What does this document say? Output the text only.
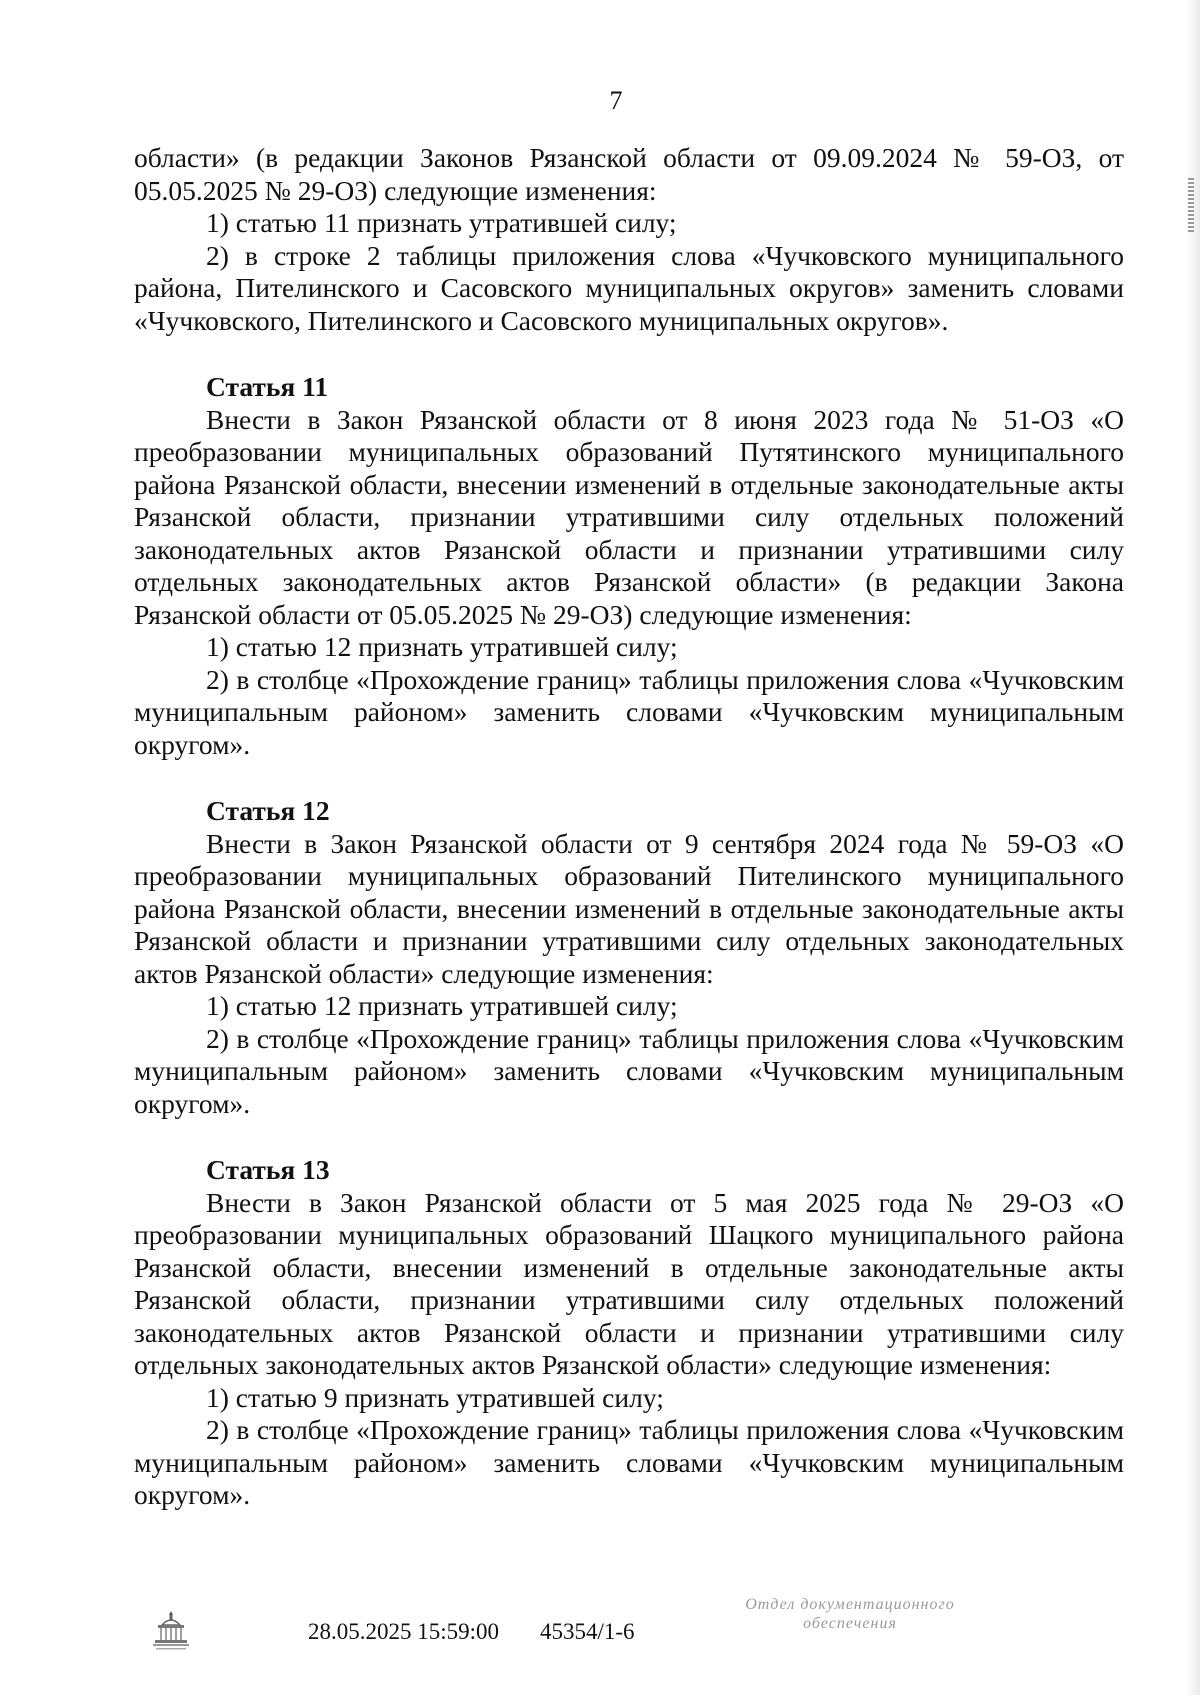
7

области» (в редакции Законов Рязанской области от 09.09.2024 № 59-ОЗ, от 05.05.2025 № 29-ОЗ) следующие изменения:

1) статью 11 признать утратившей силу;

2) в строке 2 таблицы приложения слова «Чучковского муниципального района, Пителинского и Сасовского муниципальных округов» заменить словами «Чучковского, Пителинского и Сасовского муниципальных округов».

Статья 11

Внести в Закон Рязанской области от 8 июня 2023 года № 51-ОЗ «О преобразовании муниципальных образований Путятинского муниципального района Рязанской области, внесении изменений в отдельные законодательные акты Рязанской области, признании утратившими силу отдельных положений законодательных актов Рязанской области и признании утратившими силу отдельных законодательных актов Рязанской области» (в редакции Закона Рязанской области от 05.05.2025 № 29-ОЗ) следующие изменения:

1) статью 12 признать утратившей силу;

2) в столбце «Прохождение границ» таблицы приложения слова «Чучковским муниципальным районом» заменить словами «Чучковским муниципальным округом».

Статья 12

Внести в Закон Рязанской области от 9 сентября 2024 года № 59-ОЗ «О преобразовании муниципальных образований Пителинского муниципального района Рязанской области, внесении изменений в отдельные законодательные акты Рязанской области и признании утратившими силу отдельных законодательных актов Рязанской области» следующие изменения:

1) статью 12 признать утратившей силу;

2) в столбце «Прохождение границ» таблицы приложения слова «Чучковским муниципальным районом» заменить словами «Чучковским муниципальным округом».

Статья 13

Внести в Закон Рязанской области от 5 мая 2025 года № 29-ОЗ «О преобразовании муниципальных образований Шацкого муниципального района Рязанской области, внесении изменений в отдельные законодательные акты Рязанской области, признании утратившими силу отдельных положений законодательных актов Рязанской области и признании утратившими силу отдельных законодательных актов Рязанской области» следующие изменения:

1) статью 9 признать утратившей силу;

2) в столбце «Прохождение границ» таблицы приложения слова «Чучковским муниципальным районом» заменить словами «Чучковским муниципальным округом».

28.05.2025 15:59:00 45354/1-6
Отдел документационного
обеспечения
